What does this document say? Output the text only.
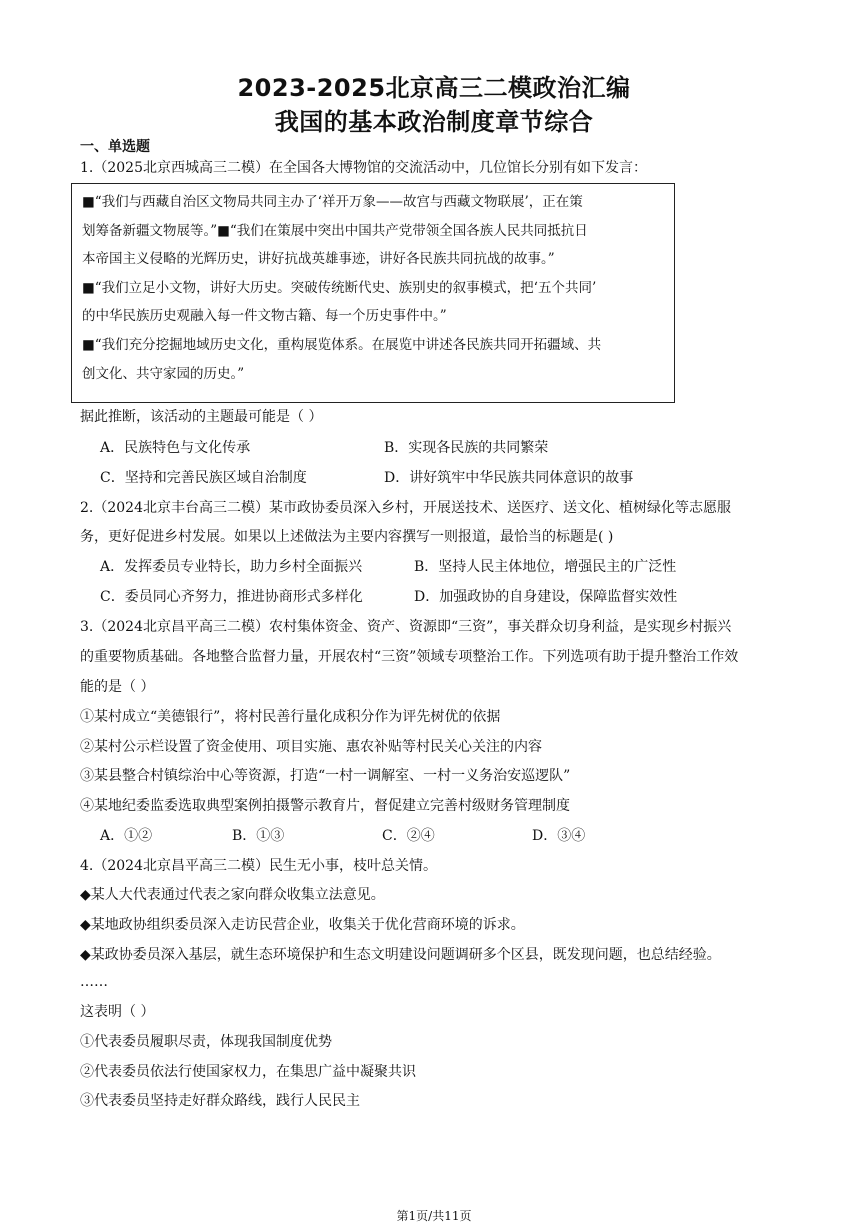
2023-2025北京高三二模政治汇编
我国的基本政治制度章节综合
一、单选题
1.（2025北京西城高三二模）在全国各大博物馆的交流活动中，几位馆长分别有如下发言：
■“我们与西藏自治区文物局共同主办了‘祥开万象——故宫与西藏文物联展’，正在策
划筹备新疆文物展等。”■“我们在策展中突出中国共产党带领全国各族人民共同抵抗日
本帝国主义侵略的光辉历史，讲好抗战英雄事迹，讲好各民族共同抗战的故事。”
■“我们立足小文物，讲好大历史。突破传统断代史、族别史的叙事模式，把‘五个共同’
的中华民族历史观融入每一件文物古籍、每一个历史事件中。”
■“我们充分挖掘地域历史文化，重构展览体系。在展览中讲述各民族共同开拓疆域、共
创文化、共守家园的历史。”
据此推断，该活动的主题最可能是（ ）
A．民族特色与文化传承	B．实现各民族的共同繁荣
C．坚持和完善民族区域自治制度	D．讲好筑牢中华民族共同体意识的故事
2.（2024北京丰台高三二模）某市政协委员深入乡村，开展送技术、送医疗、送文化、植树绿化等志愿服
务，更好促进乡村发展。如果以上述做法为主要内容撰写一则报道，最恰当的标题是( )
A．发挥委员专业特长，助力乡村全面振兴	B．坚持人民主体地位，增强民主的广泛性
C．委员同心齐努力，推进协商形式多样化	D．加强政协的自身建设，保障监督实效性
3.（2024北京昌平高三二模）农村集体资金、资产、资源即“三资”，事关群众切身利益，是实现乡村振兴
的重要物质基础。各地整合监督力量，开展农村“三资”领域专项整治工作。下列选项有助于提升整治工作效
能的是（ ）
①某村成立“美德银行”，将村民善行量化成积分作为评先树优的依据
②某村公示栏设置了资金使用、项目实施、惠农补贴等村民关心关注的内容
③某县整合村镇综治中心等资源，打造“一村一调解室、一村一义务治安巡逻队”
④某地纪委监委选取典型案例拍摄警示教育片，督促建立完善村级财务管理制度
A．①②	B．①③	C．②④	D．③④
4.（2024北京昌平高三二模）民生无小事，枝叶总关情。
◆某人大代表通过代表之家向群众收集立法意见。
◆某地政协组织委员深入走访民营企业，收集关于优化营商环境的诉求。
◆某政协委员深入基层，就生态环境保护和生态文明建设问题调研多个区县，既发现问题，也总结经验。
……
这表明（ ）
①代表委员履职尽责，体现我国制度优势
②代表委员依法行使国家权力，在集思广益中凝聚共识
③代表委员坚持走好群众路线，践行人民民主
第1页/共11页
